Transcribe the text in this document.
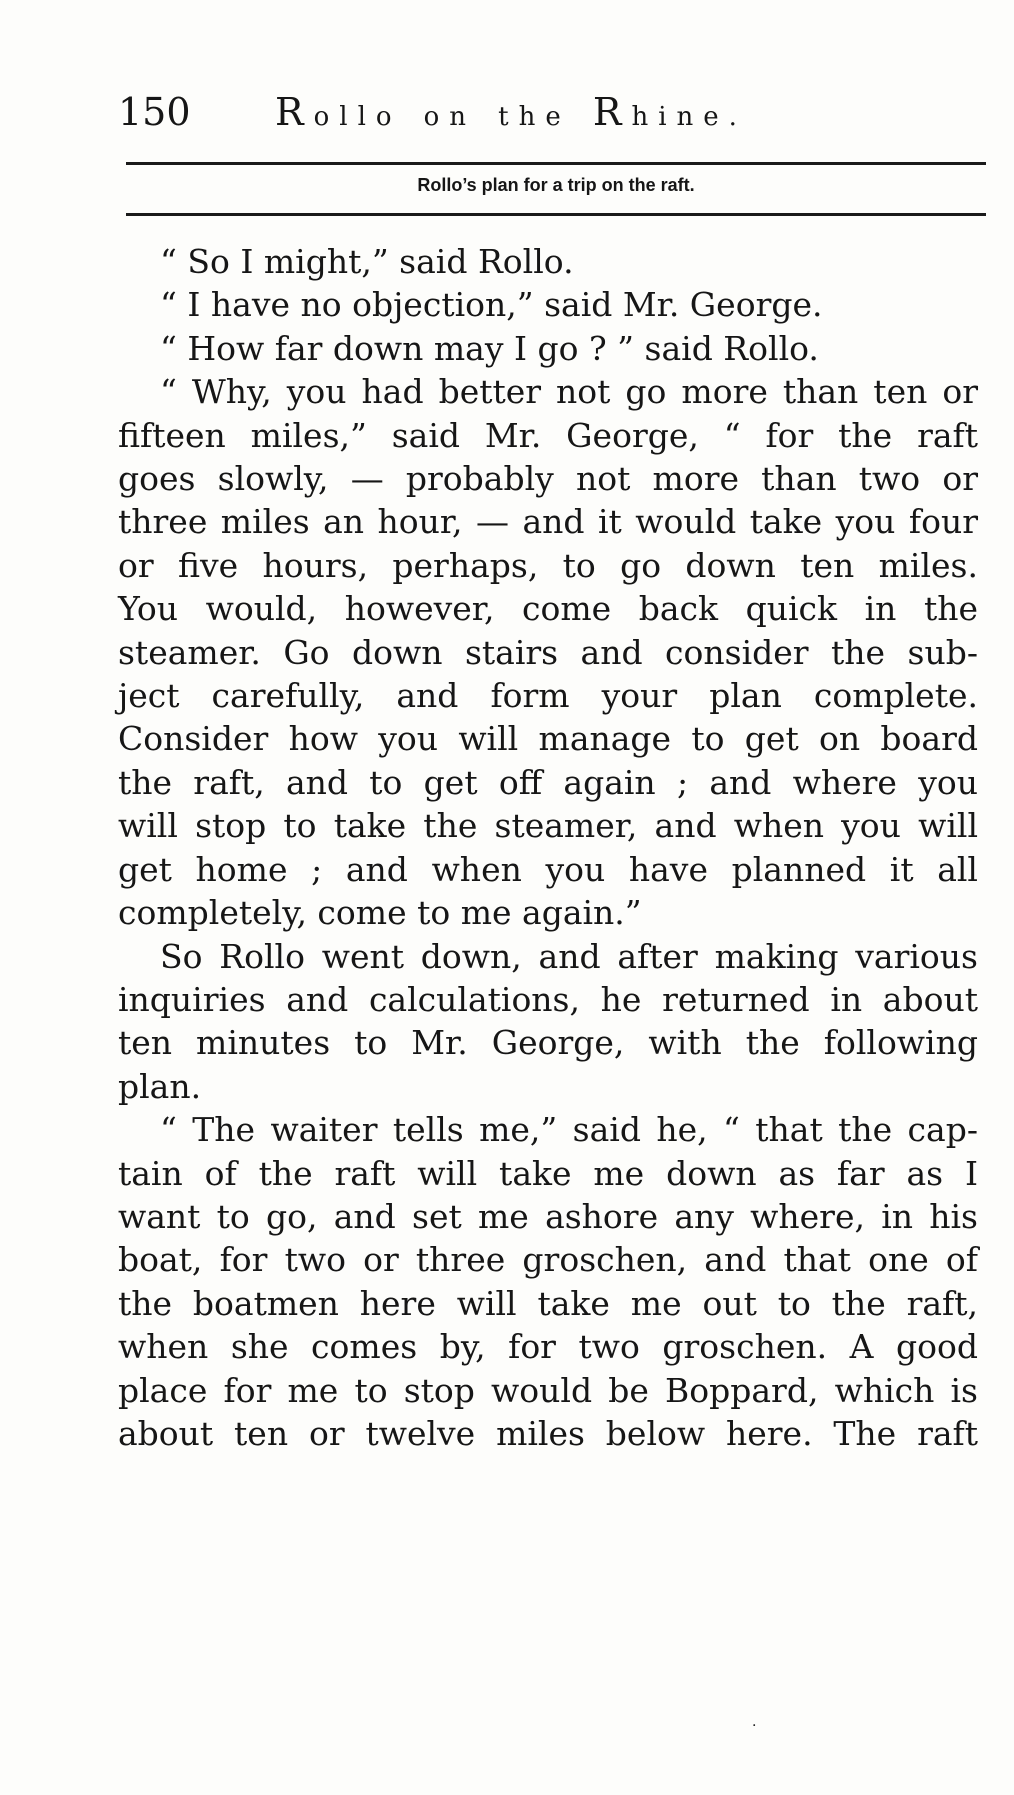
150 Rollo on the Rhine.
Rollo’s plan for a trip on the raft.
“ So I might,” said Rollo.
“ I have no objection,” said Mr. George.
“ How far down may I go ? ” said Rollo.
“ Why, you had better not go more than ten or
fifteen miles,” said Mr. George, “ for the raft
goes slowly, — probably not more than two or
three miles an hour, — and it would take you four
or five hours, perhaps, to go down ten miles.
You would, however, come back quick in the
steamer. Go down stairs and consider the sub-
ject carefully, and form your plan complete.
Consider how you will manage to get on board
the raft, and to get off again ; and where you
will stop to take the steamer, and when you will
get home ; and when you have planned it all
completely, come to me again.”
So Rollo went down, and after making various
inquiries and calculations, he returned in about
ten minutes to Mr. George, with the following
plan.
“ The waiter tells me,” said he, “ that the cap-
tain of the raft will take me down as far as I
want to go, and set me ashore any where, in his
boat, for two or three groschen, and that one of
the boatmen here will take me out to the raft,
when she comes by, for two groschen. A good
place for me to stop would be Boppard, which is
about ten or twelve miles below here. The raft
·
